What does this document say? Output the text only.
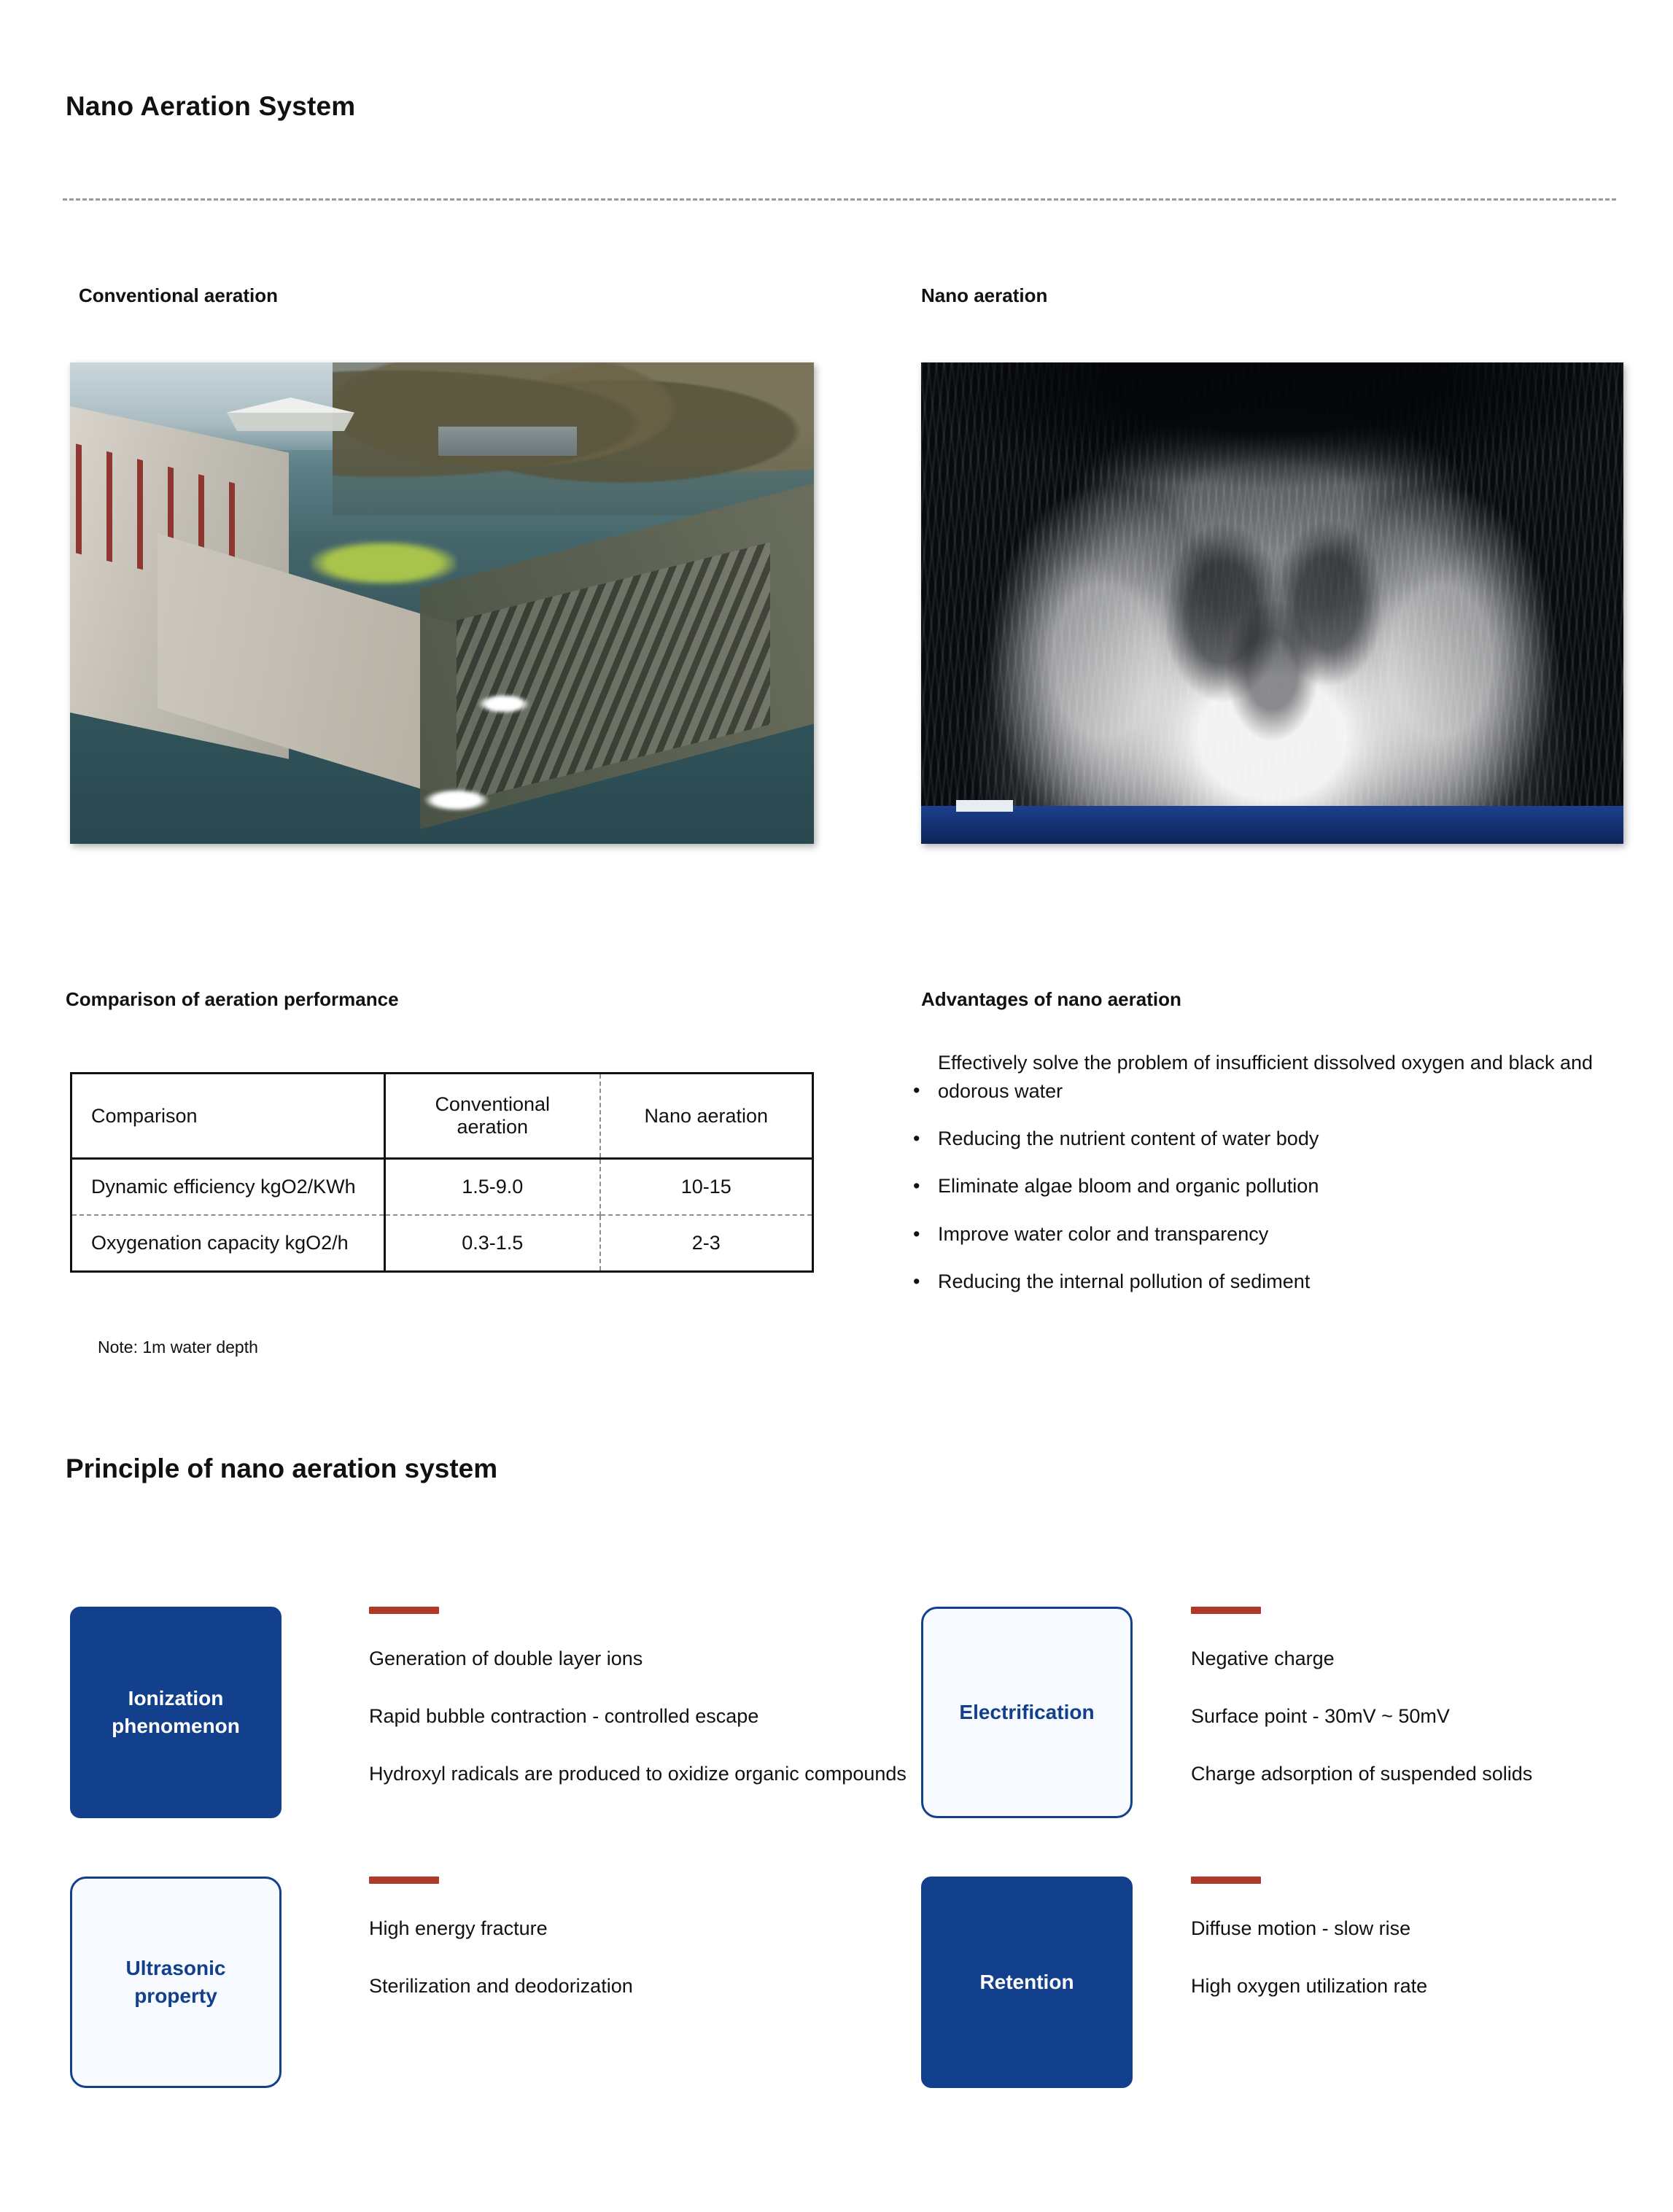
Nano Aeration System
Conventional aeration	Nano aeration
Comparison of aeration performance
Comparison	Conventional aeration	Nano aeration
Dynamic efficiency kgO2/KWh	1.5-9.0	10-15
Oxygenation capacity kgO2/h	0.3-1.5	2-3
Note: 1m water depth
Advantages of nano aeration
•
Effectively solve the problem of insufficient dissolved oxygen and black and odorous water
• Reducing the nutrient content of water body
• Eliminate algae bloom and organic pollution
• Improve water color and transparency
• Reducing the internal pollution of sediment
Principle of nano aeration system
Ionization phenomenon
Generation of double layer ions
Rapid bubble contraction - controlled escape
Hydroxyl radicals are produced to oxidize organic compounds
Electrification
Negative charge
Surface point - 30mV ~ 50mV
Charge adsorption of suspended solids
Ultrasonic property
High energy fracture
Sterilization and deodorization	Retention
Diffuse motion - slow rise
High oxygen utilization rate
